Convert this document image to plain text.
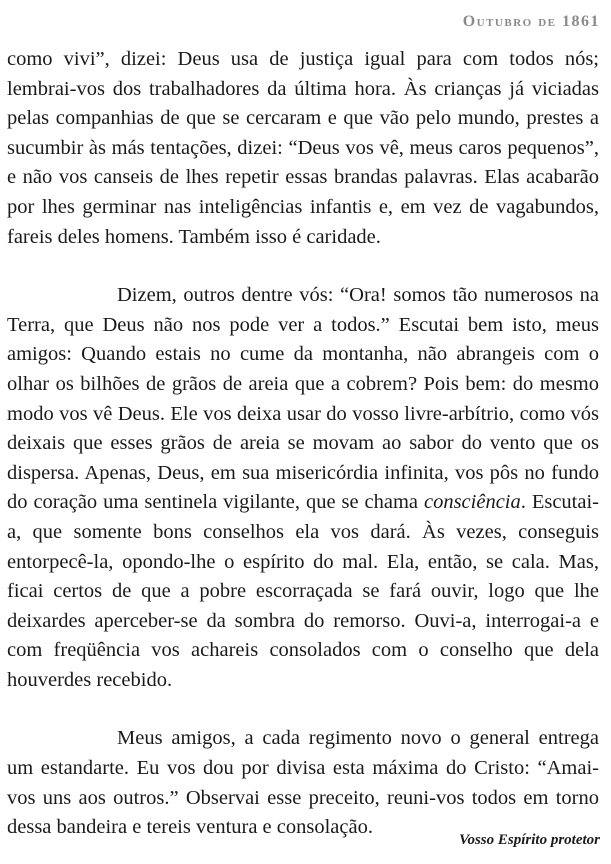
Outubro de 1861

como vivi”, dizei: Deus usa de justiça igual para com todos nós; lembrai-vos dos trabalhadores da última hora. Às crianças já viciadas pelas companhias de que se cercaram e que vão pelo mundo, prestes a sucumbir às más tentações, dizei: “Deus vos vê, meus caros pequenos”, e não vos canseis de lhes repetir essas brandas palavras. Elas acabarão por lhes germinar nas inteligências infantis e, em vez de vagabundos, fareis deles homens. Também isso é caridade.

Dizem, outros dentre vós: “Ora! somos tão numerosos na Terra, que Deus não nos pode ver a todos.” Escutai bem isto, meus amigos: Quando estais no cume da montanha, não abrangeis com o olhar os bilhões de grãos de areia que a cobrem? Pois bem: do mesmo modo vos vê Deus. Ele vos deixa usar do vosso livre-arbítrio, como vós deixais que esses grãos de areia se movam ao sabor do vento que os dispersa. Apenas, Deus, em sua misericórdia infinita, vos pôs no fundo do coração uma sentinela vigilante, que se chama consciência. Escutai-a, que somente bons conselhos ela vos dará. Às vezes, conseguis entorpecê-la, opondo-lhe o espírito do mal. Ela, então, se cala. Mas, ficai certos de que a pobre escorraçada se fará ouvir, logo que lhe deixardes aperceber-se da sombra do remorso. Ouvi-a, interrogai-a e com freqüência vos achareis consolados com o conselho que dela houverdes recebido.

Meus amigos, a cada regimento novo o general entrega um estandarte. Eu vos dou por divisa esta máxima do Cristo: “Amai-vos uns aos outros.” Observai esse preceito, reuni-vos todos em torno dessa bandeira e tereis ventura e consolação.

Vosso Espírito protetor
